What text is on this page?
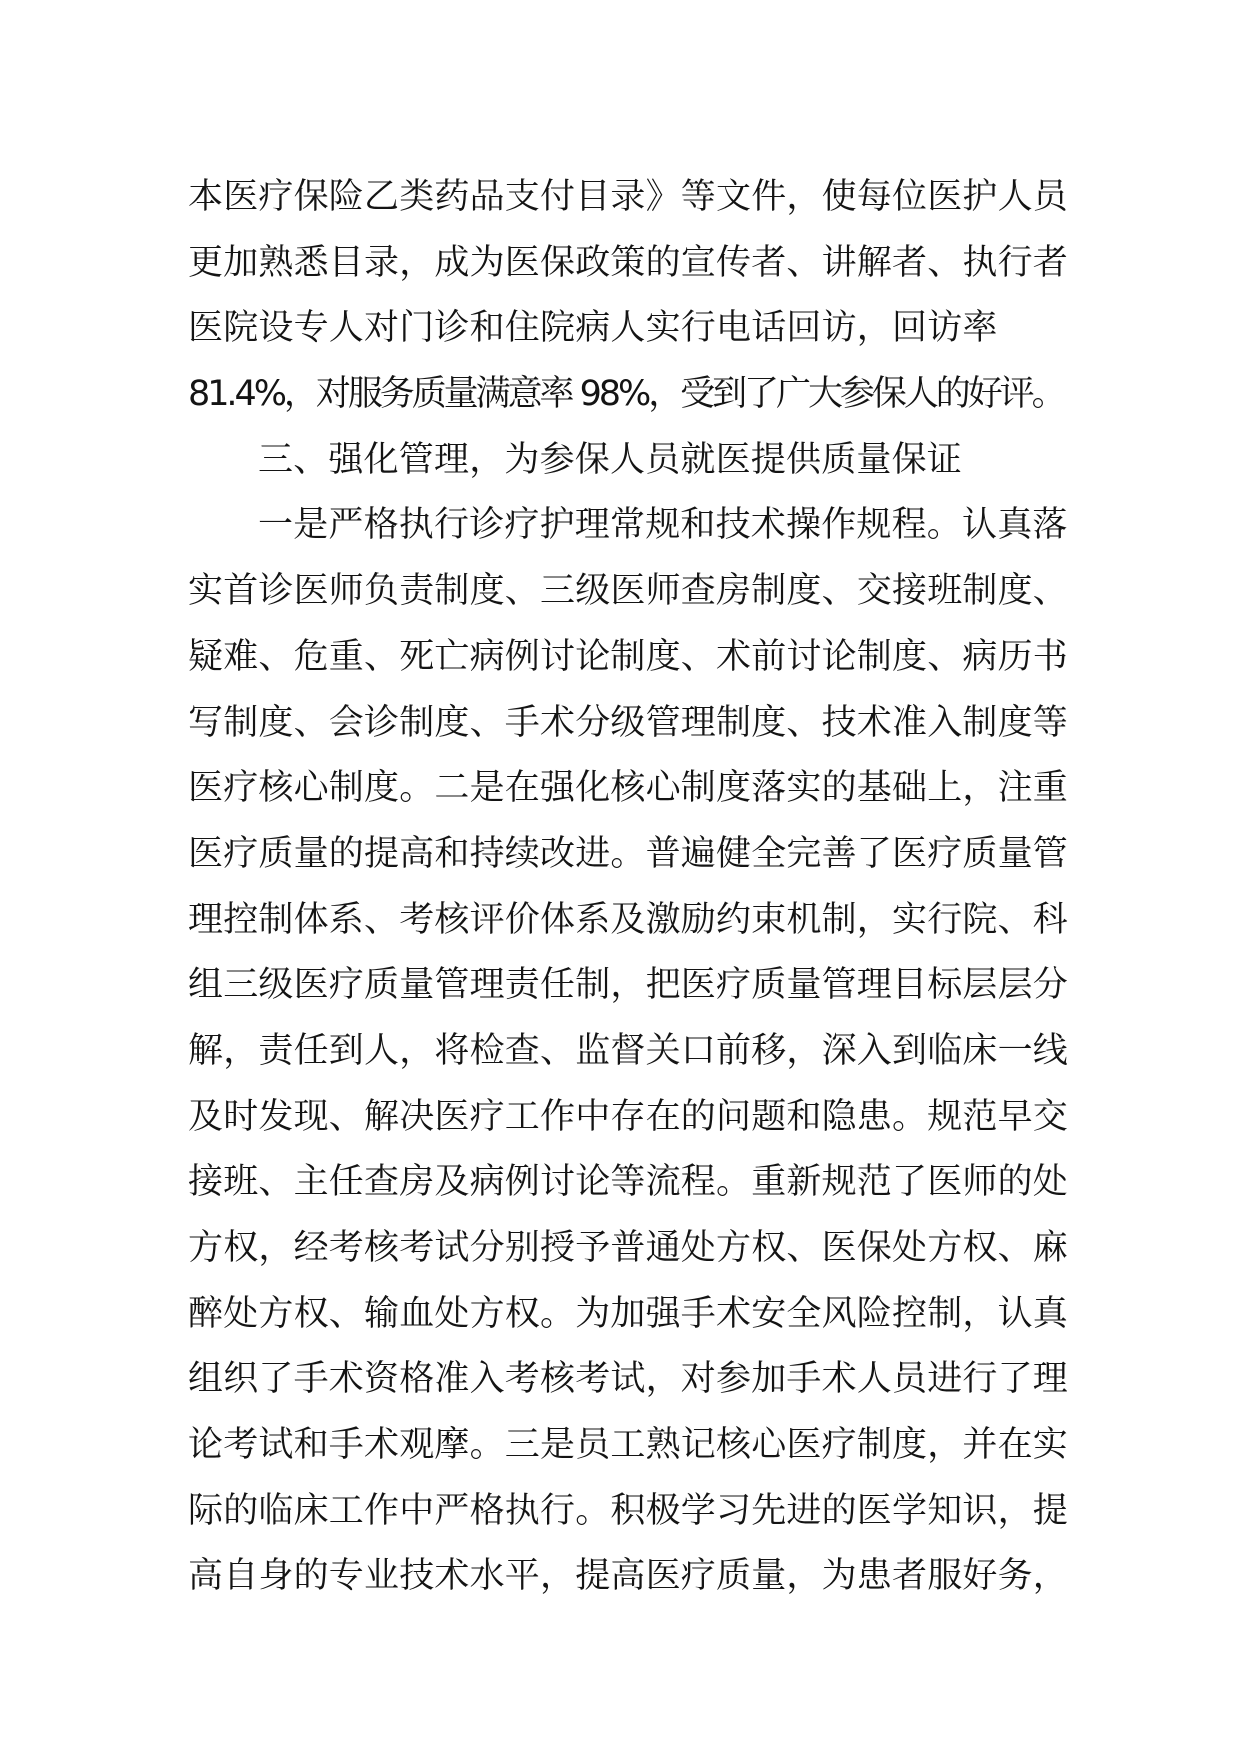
本医疗保险乙类药品支付目录》等文件，使每位医护人员
更加熟悉目录，成为医保政策的宣传者、讲解者、执行者
医院设专人对门诊和住院病人实行电话回访，回访率
81.4%，对服务质量满意率 98%，受到了广大参保人的好评。
三、强化管理，为参保人员就医提供质量保证
一是严格执行诊疗护理常规和技术操作规程。认真落
实首诊医师负责制度、三级医师查房制度、交接班制度、
疑难、危重、死亡病例讨论制度、术前讨论制度、病历书
写制度、会诊制度、手术分级管理制度、技术准入制度等
医疗核心制度。二是在强化核心制度落实的基础上，注重
医疗质量的提高和持续改进。普遍健全完善了医疗质量管
理控制体系、考核评价体系及激励约束机制，实行院、科
组三级医疗质量管理责任制，把医疗质量管理目标层层分
解，责任到人，将检查、监督关口前移，深入到临床一线
及时发现、解决医疗工作中存在的问题和隐患。规范早交
接班、主任查房及病例讨论等流程。重新规范了医师的处
方权，经考核考试分别授予普通处方权、医保处方权、麻
醉处方权、输血处方权。为加强手术安全风险控制，认真
组织了手术资格准入考核考试，对参加手术人员进行了理
论考试和手术观摩。三是员工熟记核心医疗制度，并在实
际的临床工作中严格执行。积极学习先进的医学知识，提
高自身的专业技术水平，提高医疗质量，为患者服好务，
